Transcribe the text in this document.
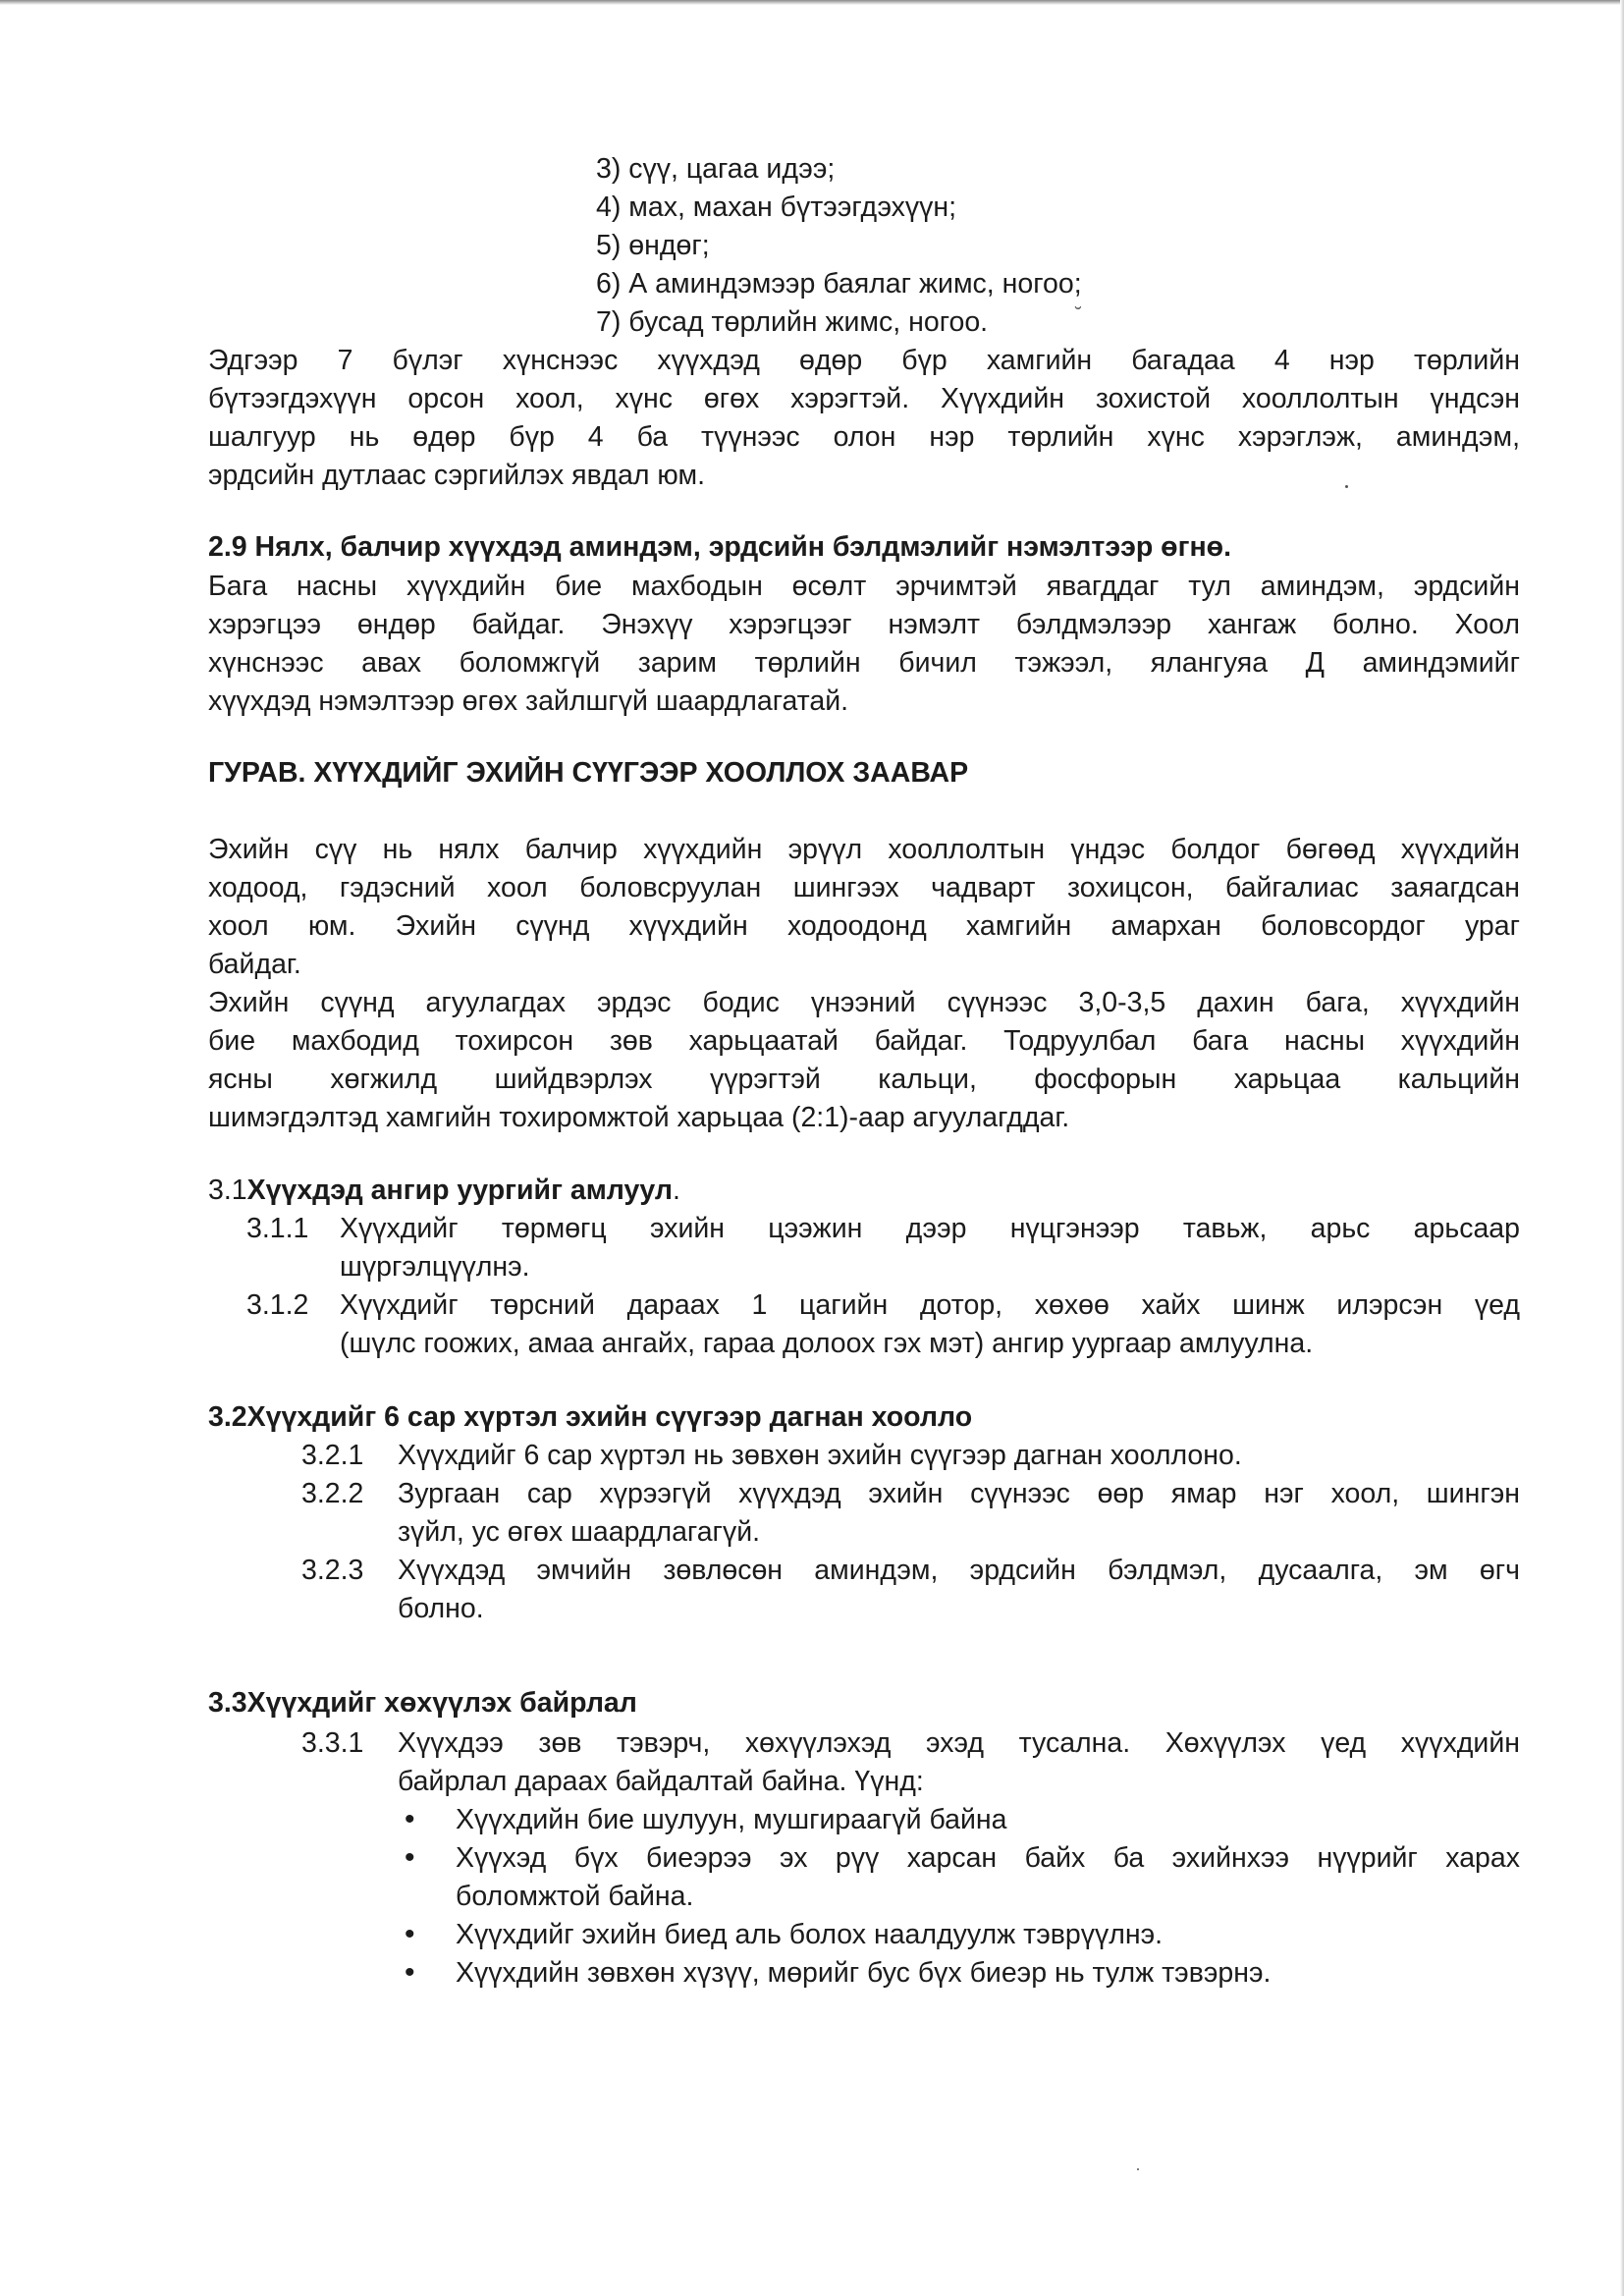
3) сүү, цагаа идээ;
4) мах, махан бүтээгдэхүүн;
5) өндөг;
6) А аминдэмээр баялаг жимс, ногоо;
7) бусад төрлийн жимс, ногоо.	˘
Эдгээр 7 бүлэг хүнснээс хүүхдэд өдөр бүр хамгийн багадаа 4 нэр төрлийн
бүтээгдэхүүн орсон хоол, хүнс өгөх хэрэгтэй. Хүүхдийн зохистой хооллолтын үндсэн
шалгуур нь өдөр бүр 4 ба түүнээс олон нэр төрлийн хүнс хэрэглэж, аминдэм,
эрдсийн дутлаас сэргийлэх явдал юм.
2.9 Нялх, балчир хүүхдэд аминдэм, эрдсийн бэлдмэлийг нэмэлтээр өгнө.
Бага насны хүүхдийн бие махбодын өсөлт эрчимтэй явагддаг тул аминдэм, эрдсийн
хэрэгцээ өндөр байдаг. Энэхүү хэрэгцээг нэмэлт бэлдмэлээр хангаж болно. Хоол
хүнснээс авах боломжгүй зарим төрлийн бичил тэжээл, ялангуяа Д аминдэмийг
хүүхдэд нэмэлтээр өгөх зайлшгүй шаардлагатай.
ГУРАВ. ХҮҮХДИЙГ ЭХИЙН СҮҮГЭЭР ХООЛЛОХ ЗААВАР
Эхийн сүү нь нялх балчир хүүхдийн эрүүл хооллолтын үндэс болдог бөгөөд хүүхдийн
ходоод, гэдэсний хоол боловсруулан шингээх чадварт зохицсон, байгалиас заяагдсан
хоол юм. Эхийн сүүнд хүүхдийн ходоодонд хамгийн амархан боловсордог ураг
байдаг.
Эхийн сүүнд агуулагдах эрдэс бодис үнээний сүүнээс 3,0-3,5 дахин бага, хүүхдийн
бие махбодид тохирсон зөв харьцаатай байдаг. Тодруулбал бага насны хүүхдийн
ясны хөгжилд шийдвэрлэх үүрэгтэй кальци, фосфорын харьцаа кальцийн
шимэгдэлтэд хамгийн тохиромжтой харьцаа (2:1)-аар агуулагддаг.
3.1Хүүхдэд ангир уургийг амлуул.
3.1.1 Хүүхдийг төрмөгц эхийн цээжин дээр нүцгэнээр тавьж, арьс арьсаар
шүргэлцүүлнэ.
3.1.2 Хүүхдийг төрсний дараах 1 цагийн дотор, хөхөө хайх шинж илэрсэн үед
(шүлс гоожих, амаа ангайх, гараа долоох гэх мэт) ангир уургаар амлуулна.
3.2Хүүхдийг 6 сар хүртэл эхийн сүүгээр дагнан хоолло
3.2.1 Хүүхдийг 6 сар хүртэл нь зөвхөн эхийн сүүгээр дагнан хооллоно.
3.2.2 Зургаан сар хүрээгүй хүүхдэд эхийн сүүнээс өөр ямар нэг хоол, шингэн
зүйл, ус өгөх шаардлагагүй.
3.2.3 Хүүхдэд эмчийн зөвлөсөн аминдэм, эрдсийн бэлдмэл, дусаалга, эм өгч
болно.
3.3Хүүхдийг хөхүүлэх байрлал
3.3.1 Хүүхдээ зөв тэвэрч, хөхүүлэхэд эхэд тусална. Хөхүүлэх үед хүүхдийн
байрлал дараах байдалтай байна. Үүнд:
• Хүүхдийн бие шулуун, мушгираагүй байна
• Хүүхэд бүх биеэрээ эх рүү харсан байх ба эхийнхээ нүүрийг харах
боломжтой байна.
• Хүүхдийг эхийн биед аль болох наалдуулж тэврүүлнэ.
• Хүүхдийн зөвхөн хүзүү, мөрийг бус бүх биеэр нь тулж тэвэрнэ.
